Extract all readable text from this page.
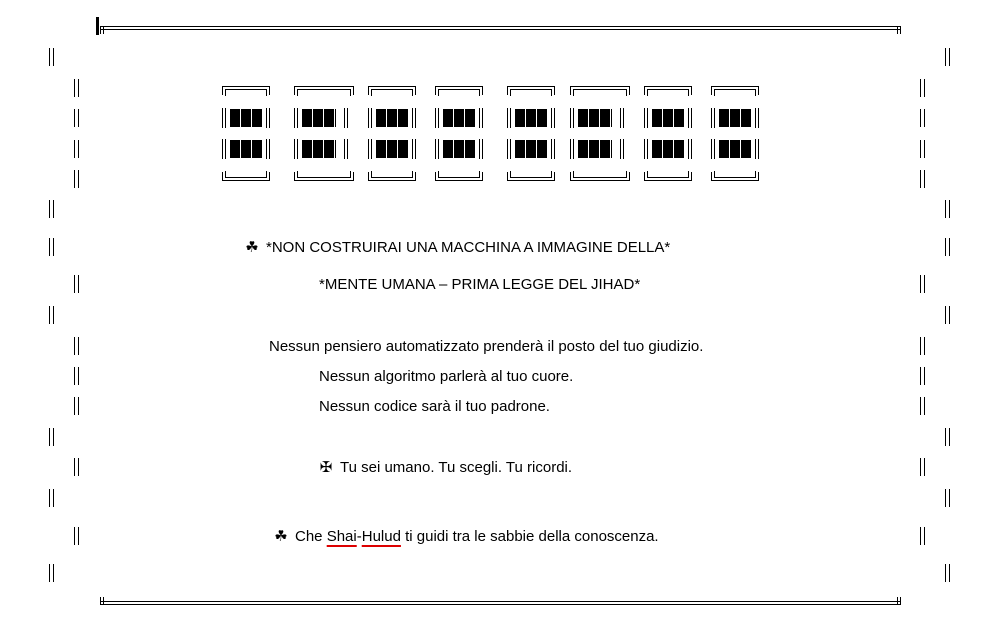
☘ *NON COSTRUIRAI UNA MACCHINA A IMMAGINE DELLA*
*MENTE UMANA – PRIMA LEGGE DEL JIHAD*
Nessun pensiero automatizzato prenderà il posto del tuo giudizio.
Nessun algoritmo parlerà al tuo cuore.
Nessun codice sarà il tuo padrone.
✠ Tu sei umano. Tu scegli. Tu ricordi.
☘ Che Shai-Hulud ti guidi tra le sabbie della conoscenza.
